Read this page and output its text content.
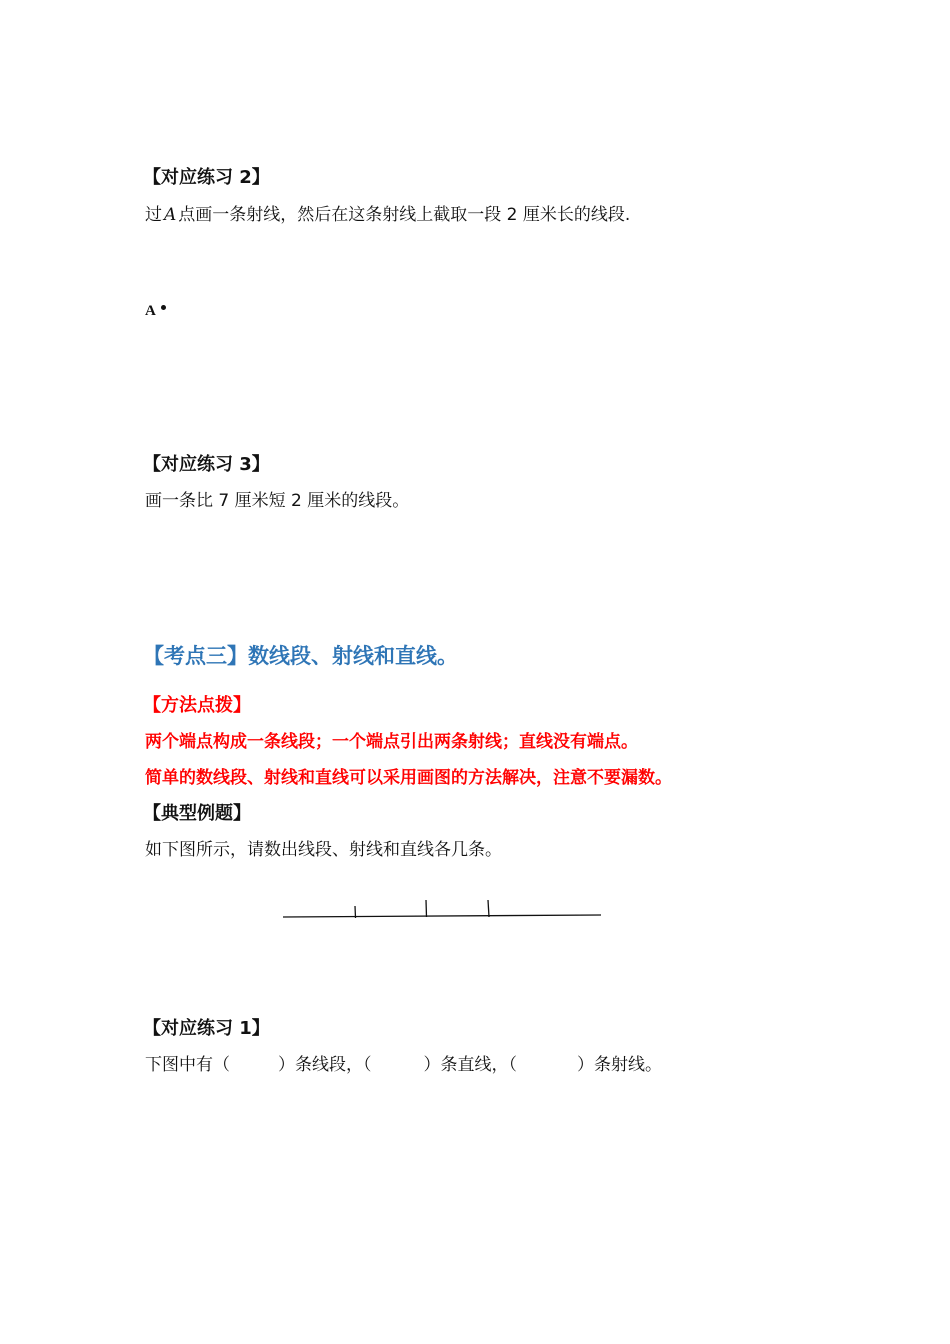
【对应练习 2】
过 A 点画一条射线，然后在这条射线上截取一段 2 厘米长的线段.
A
【对应练习 3】
画一条比 7 厘米短 2 厘米的线段。
【考点三】数线段、射线和直线。
【方法点拨】
两个端点构成一条线段；一个端点引出两条射线；直线没有端点。
简单的数线段、射线和直线可以采用画图的方法解决，注意不要漏数。
【典型例题】
如下图所示，请数出线段、射线和直线各几条。
【对应练习 1】
下图中有（	）条线段，（	）条直线，（	）条射线。
